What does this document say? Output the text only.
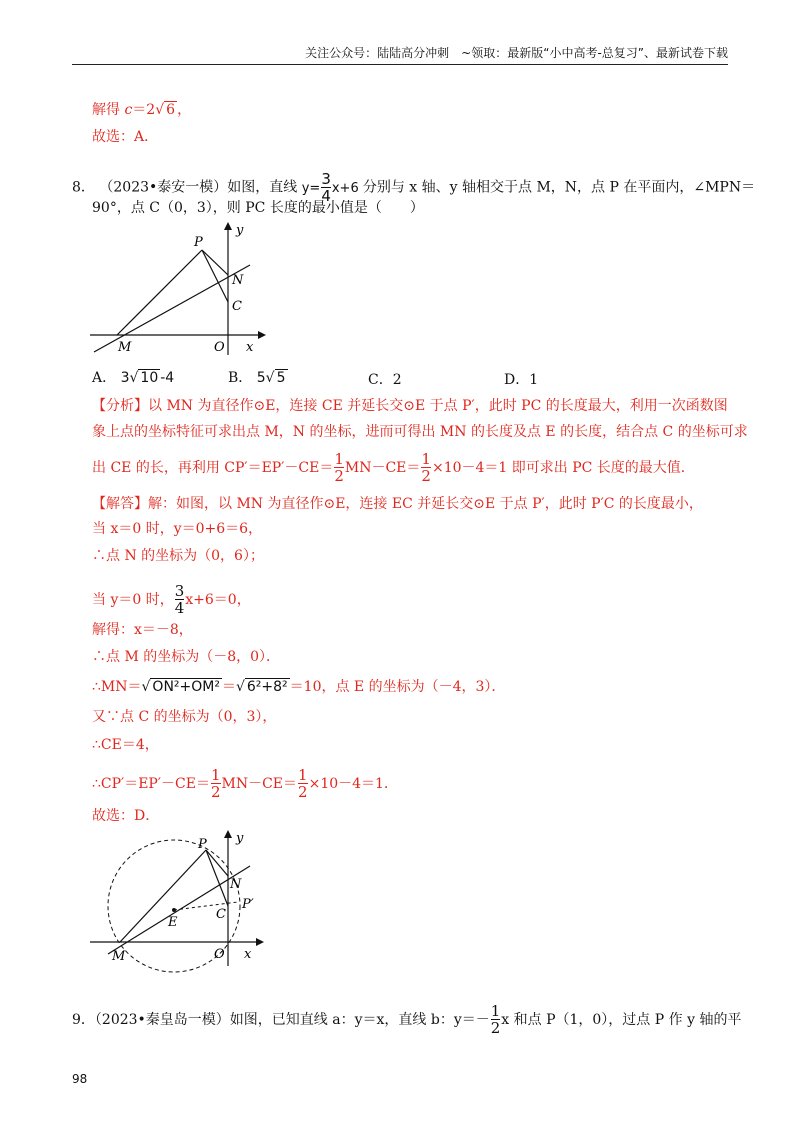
关注公众号：陆陆高分冲刺　~领取：最新版“小中高考-总复习”、最新试卷下载
解得 c＝2√ 6 ，
故选：A．
8． （2023•泰安一模）如图，直线 $y= \frac{3}{4} x+6$ 分别与 x 轴、y 轴相交于点 M，N，点 P 在平面内，∠MPN＝
90°，点 C（0，3），则 PC 长度的最小值是（　　）
P
N
C
M	O x
y
A． 3√ 10 -4	B． 5√ 5	C．2	D．1
【分析】以 MN 为直径作⊙E，连接 CE 并延长交⊙E 于点 P′，此时 PC 的长度最大，利用一次函数图
象上点的坐标特征可求出点 M，N 的坐标，进而可得出 MN 的长度及点 E 的长度，结合点 C 的坐标可求
出 CE 的长，再利用 $CP'=EP'-CE= \frac{1}{2} MN-CE= \frac{1}{2} \times 10-4=1$ 即可求出 PC 长度的最大值．
【解答】解：如图，以 MN 为直径作⊙E，连接 EC 并延长交⊙E 于点 P′，此时 P′C 的长度最小，
当 x＝0 时，y＝0+6＝6，
∴点 N 的坐标为（0，6）；
当 y＝0 时， $\frac{3}{4} x+6=0$，
解得：x＝－8，
∴点 M 的坐标为（－8，0）．
∴MN＝√ ON²+OM² ＝√ 6²+8² ＝10，点 E 的坐标为（－4，3）．
又∵点 C 的坐标为（0，3），
∴CE＝4，
∴CP′＝EP′－CE＝ $\frac{1}{2} MN-CE= \frac{1}{2} \times 10-4=1$．
故选：D．
P
N
P′
C
E
M	O x
y
9．（2023•秦皇岛一模）如图，已知直线 a：y＝x，直线 b：$y=- \frac{1}{2}$ x 和点 P（1，0），过点 P 作 y 轴的平
98
